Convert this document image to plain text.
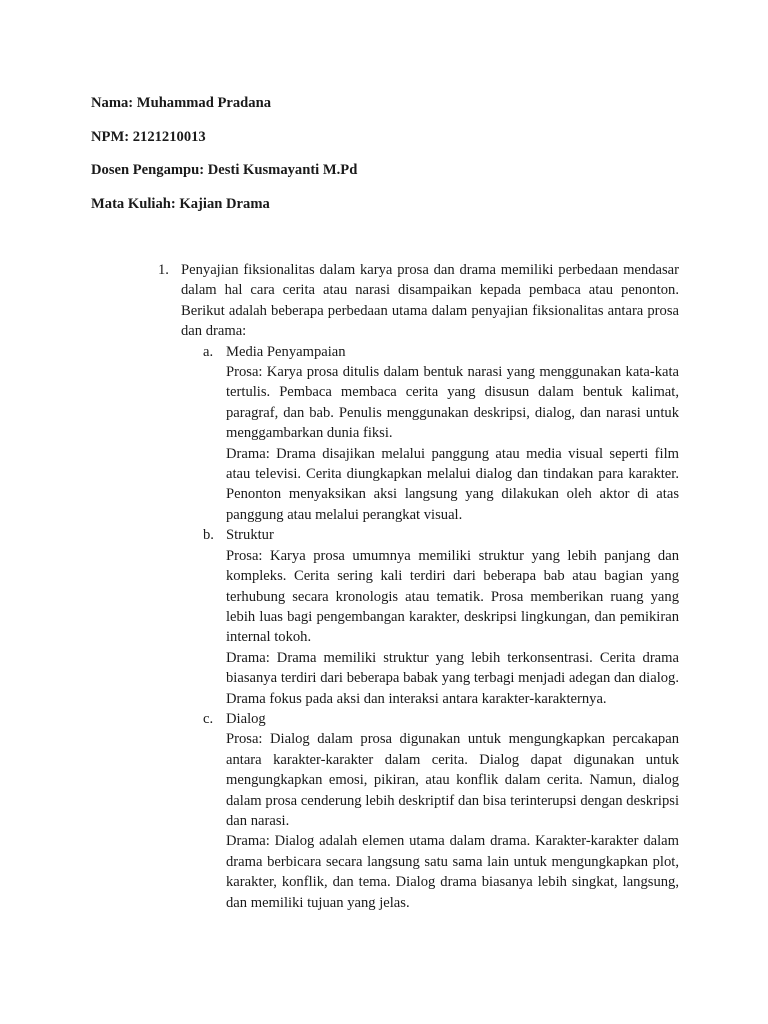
Nama: Muhammad Pradana
NPM: 2121210013
Dosen Pengampu: Desti Kusmayanti M.Pd
Mata Kuliah: Kajian Drama
1. Penyajian fiksionalitas dalam karya prosa dan drama memiliki perbedaan mendasar dalam hal cara cerita atau narasi disampaikan kepada pembaca atau penonton. Berikut adalah beberapa perbedaan utama dalam penyajian fiksionalitas antara prosa dan drama:

a. Media Penyampaian

Prosa: Karya prosa ditulis dalam bentuk narasi yang menggunakan kata-kata tertulis. Pembaca membaca cerita yang disusun dalam bentuk kalimat, paragraf, dan bab. Penulis menggunakan deskripsi, dialog, dan narasi untuk menggambarkan dunia fiksi.

Drama: Drama disajikan melalui panggung atau media visual seperti film atau televisi. Cerita diungkapkan melalui dialog dan tindakan para karakter. Penonton menyaksikan aksi langsung yang dilakukan oleh aktor di atas panggung atau melalui perangkat visual.

b. Struktur

Prosa: Karya prosa umumnya memiliki struktur yang lebih panjang dan kompleks. Cerita sering kali terdiri dari beberapa bab atau bagian yang terhubung secara kronologis atau tematik. Prosa memberikan ruang yang lebih luas bagi pengembangan karakter, deskripsi lingkungan, dan pemikiran internal tokoh.

Drama: Drama memiliki struktur yang lebih terkonsentrasi. Cerita drama biasanya terdiri dari beberapa babak yang terbagi menjadi adegan dan dialog. Drama fokus pada aksi dan interaksi antara karakter-karakternya.

c. Dialog

Prosa: Dialog dalam prosa digunakan untuk mengungkapkan percakapan antara karakter-karakter dalam cerita. Dialog dapat digunakan untuk mengungkapkan emosi, pikiran, atau konflik dalam cerita. Namun, dialog dalam prosa cenderung lebih deskriptif dan bisa terinterupsi dengan deskripsi dan narasi.

Drama: Dialog adalah elemen utama dalam drama. Karakter-karakter dalam drama berbicara secara langsung satu sama lain untuk mengungkapkan plot, karakter, konflik, dan tema. Dialog drama biasanya lebih singkat, langsung, dan memiliki tujuan yang jelas.
